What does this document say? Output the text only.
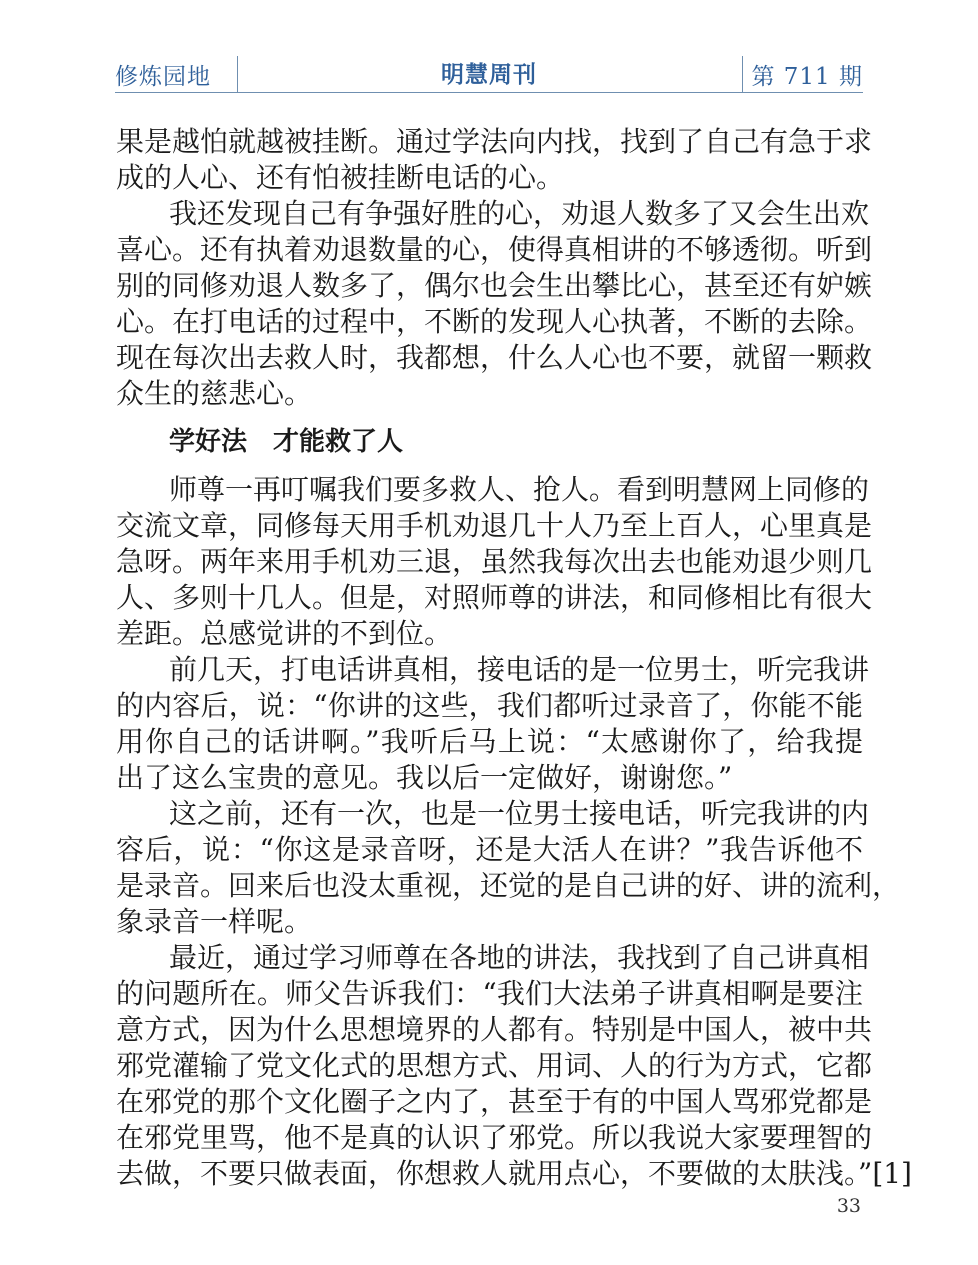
修炼园地	明慧周刊	第 711 期
果是越怕就越被挂断。通过学法向内找，找到了自己有急于求
成的人心、还有怕被挂断电话的心。
我还发现自己有争强好胜的心，劝退人数多了又会生出欢
喜心。还有执着劝退数量的心，使得真相讲的不够透彻。听到
别的同修劝退人数多了，偶尔也会生出攀比心，甚至还有妒嫉
心。在打电话的过程中，不断的发现人心执著，不断的去除。
现在每次出去救人时，我都想，什么人心也不要，就留一颗救
众生的慈悲心。
学好法　才能救了人
师尊一再叮嘱我们要多救人、抢人。看到明慧网上同修的
交流文章，同修每天用手机劝退几十人乃至上百人，心里真是
急呀。两年来用手机劝三退，虽然我每次出去也能劝退少则几
人、多则十几人。但是，对照师尊的讲法，和同修相比有很大
差距。总感觉讲的不到位。
前几天，打电话讲真相，接电话的是一位男士，听完我讲
的内容后，说：“你讲的这些，我们都听过录音了，你能不能
用你自己的话讲啊。”我听后马上说：“太感谢你了，给我提
出了这么宝贵的意见。我以后一定做好，谢谢您。”
这之前，还有一次，也是一位男士接电话，听完我讲的内
容后，说：“你这是录音呀，还是大活人在讲？”我告诉他不
是录音。回来后也没太重视，还觉的是自己讲的好、讲的流利，
象录音一样呢。
最近，通过学习师尊在各地的讲法，我找到了自己讲真相
的问题所在。师父告诉我们：“我们大法弟子讲真相啊是要注
意方式，因为什么思想境界的人都有。特别是中国人，被中共
邪党灌输了党文化式的思想方式、用词、人的行为方式，它都
在邪党的那个文化圈子之内了，甚至于有的中国人骂邪党都是
在邪党里骂，他不是真的认识了邪党。所以我说大家要理智的
去做，不要只做表面，你想救人就用点心，不要做的太肤浅。”[1]
33
